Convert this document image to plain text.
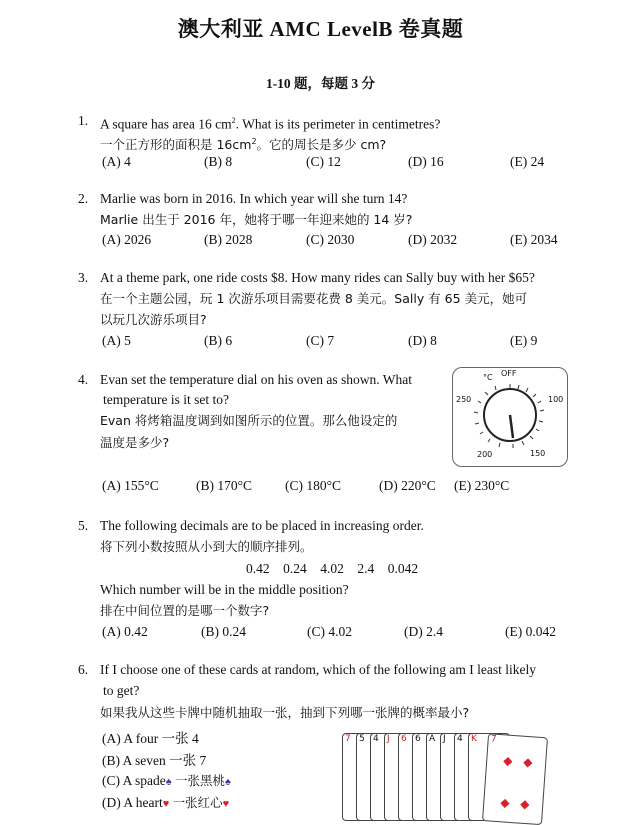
澳大利亚 AMC LevelB 卷真题
1-10 题，每题 3 分
1. A square has area 16 $cm^2$. What is its perimeter in centimetres?
一个正方形的面积是 $16cm^2$。它的周长是多少 cm?
(A) 4	(B) 8	(C) 12	(D) 16	(E) 24
2. Marlie was born in 2016. In which year will she turn 14?
Marlie 出生于 2016 年，她将于哪一年迎来她的 14 岁?
(A) 2026	(B) 2028	(C) 2030	(D) 2032	(E) 2034
3. At a theme park, one ride costs $8. How many rides can Sally buy with her $65?
在一个主题公园，玩 1 次游乐项目需要花费 8 美元。Sally 有 65 美元，她可
以玩几次游乐项目?
(A) 5	(B) 6	(C) 7	(D) 8	(E) 9
4. Evan set the temperature dial on his oven as shown. What
temperature is it set to?
Evan 将烤箱温度调到如图所示的位置。那么他设定的
温度是多少?
°C OFF
250	100
200	150
(A) 155°C	(B) 170°C (C) 180°C	(D) 220°C (E) 230°C
5. The following decimals are to be placed in increasing order.
将下列小数按照从小到大的顺序排列。
0.42    0.24    4.02    2.4    0.042
Which number will be in the middle position?
排在中间位置的是哪一个数字?
(A) 0.42	(B) 0.24	(C) 4.02	(D) 2.4	(E) 0.042
6. If I choose one of these cards at random, which of the following am I least likely
to get?
如果我从这些卡牌中随机抽取一张，抽到下列哪一张牌的概率最小?
(A) A four 一张 4
(B) A seven 一张 7
(C) A spade♠ 一张黑桃♠
(D) A heart♥ 一张红心♥
7 5 4 J 6 6 A J 4 K 7
◆ ◆
◆ ◆
